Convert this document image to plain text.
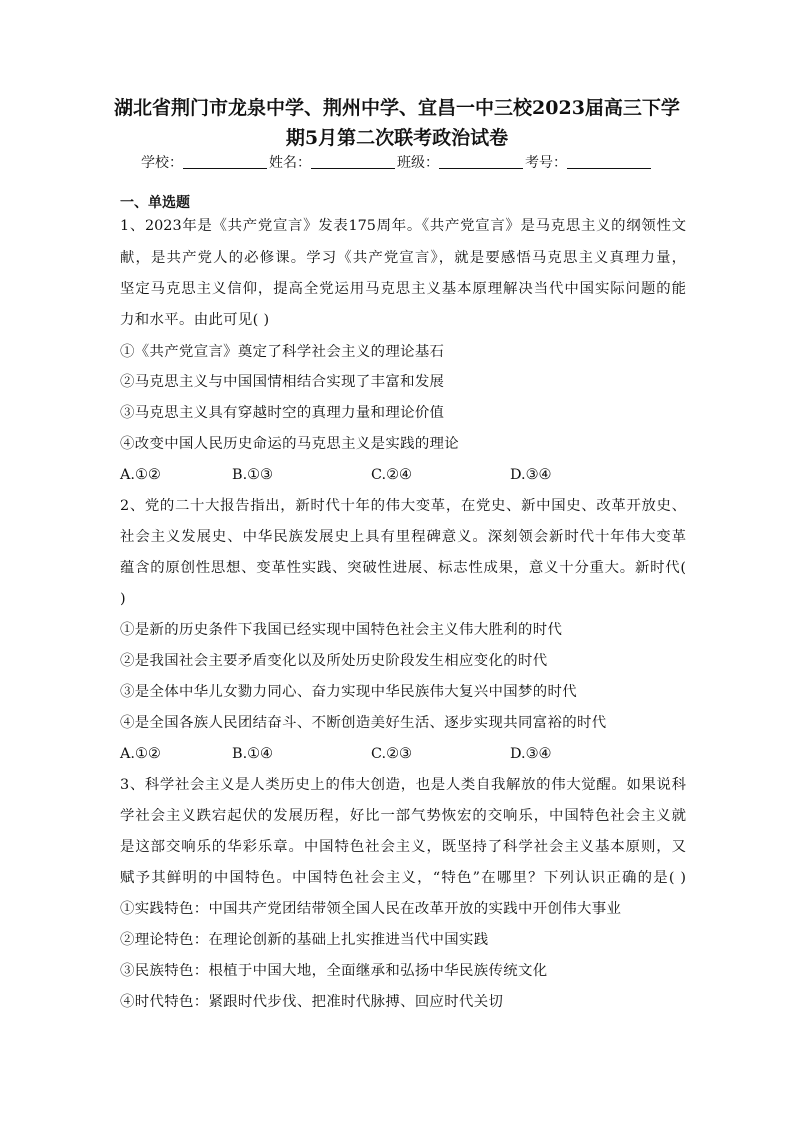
湖北省荆门市龙泉中学、荆州中学、宜昌一中三校2023届高三下学
期5月第二次联考政治试卷
学校：	姓名：	班级：	考号：
一、单选题
1、2023年是《共产党宣言》发表175周年。《共产党宣言》是马克思主义的纲领性文
献，是共产党人的必修课。学习《共产党宣言》，就是要感悟马克思主义真理力量，
坚定马克思主义信仰，提高全党运用马克思主义基本原理解决当代中国实际问题的能
力和水平。由此可见( )
①《共产党宣言》奠定了科学社会主义的理论基石
②马克思主义与中国国情相结合实现了丰富和发展
③马克思主义具有穿越时空的真理力量和理论价值
④改变中国人民历史命运的马克思主义是实践的理论
A.①②	B.①③	C.②④	D.③④
2、党的二十大报告指出，新时代十年的伟大变革，在党史、新中国史、改革开放史、
社会主义发展史、中华民族发展史上具有里程碑意义。深刻领会新时代十年伟大变革
蕴含的原创性思想、变革性实践、突破性进展、标志性成果，意义十分重大。新时代(
)
①是新的历史条件下我国已经实现中国特色社会主义伟大胜利的时代
②是我国社会主要矛盾变化以及所处历史阶段发生相应变化的时代
③是全体中华儿女勠力同心、奋力实现中华民族伟大复兴中国梦的时代
④是全国各族人民团结奋斗、不断创造美好生活、逐步实现共同富裕的时代
A.①②	B.①④	C.②③	D.③④
3、科学社会主义是人类历史上的伟大创造，也是人类自我解放的伟大觉醒。如果说科
学社会主义跌宕起伏的发展历程，好比一部气势恢宏的交响乐，中国特色社会主义就
是这部交响乐的华彩乐章。中国特色社会主义，既坚持了科学社会主义基本原则，又
赋予其鲜明的中国特色。中国特色社会主义，“特色”在哪里？下列认识正确的是( )
①实践特色：中国共产党团结带领全国人民在改革开放的实践中开创伟大事业
②理论特色：在理论创新的基础上扎实推进当代中国实践
③民族特色：根植于中国大地，全面继承和弘扬中华民族传统文化
④时代特色：紧跟时代步伐、把准时代脉搏、回应时代关切
